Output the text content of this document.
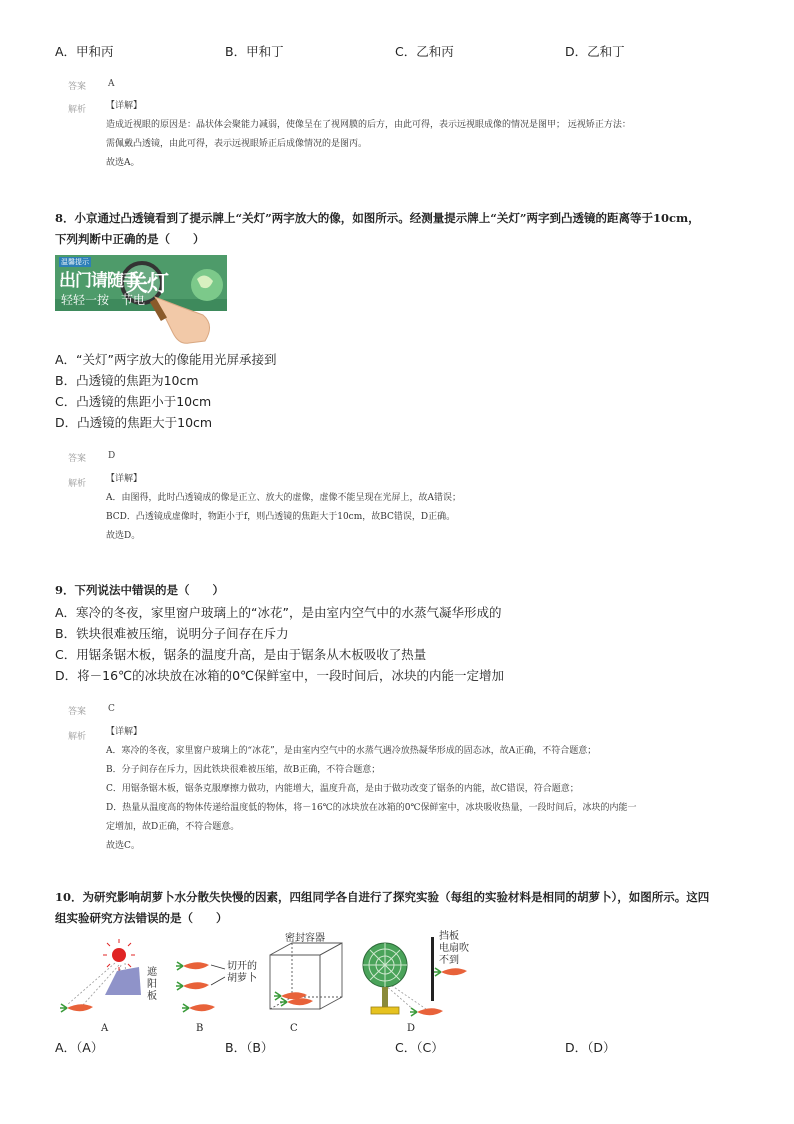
A．甲和丙	B．甲和丁	C．乙和丙	D．乙和丁
答案 A
解析 【详解】
造成近视眼的原因是：晶状体会聚能力减弱，使像呈在了视网膜的后方，由此可得，表示远视眼成像的情况是图甲； 远视矫正方法：
需佩戴凸透镜，由此可得，表示远视眼矫正后成像情况的是图丙。
故选A。
8．小京通过凸透镜看到了提示牌上“关灯”两字放大的像，如图所示。经测量提示牌上“关灯”两字到凸透镜的距离等于10cm，
下列判断中正确的是（　　）
温馨提示
出门请随手
关灯
轻轻一按　节电
A．“关灯”两字放大的像能用光屏承接到
B．凸透镜的焦距为10cm
C．凸透镜的焦距小于10cm
D．凸透镜的焦距大于10cm
答案 D
解析 【详解】
A．由图得，此时凸透镜成的像是正立、放大的虚像，虚像不能呈现在光屏上，故A错误；
BCD．凸透镜成虚像时，物距小于f，则凸透镜的焦距大于10cm，故BC错误，D正确。
故选D。
9．下列说法中错误的是（　　）
A．寒冷的冬夜，家里窗户玻璃上的“冰花”，是由室内空气中的水蒸气凝华形成的
B．铁块很难被压缩，说明分子间存在斥力
C．用锯条锯木板，锯条的温度升高，是由于锯条从木板吸收了热量
D．将－16℃的冰块放在冰箱的0℃保鲜室中，一段时间后，冰块的内能一定增加
答案 C
解析 【详解】
A．寒冷的冬夜，家里窗户玻璃上的“冰花”，是由室内空气中的水蒸气遇冷放热凝华形成的固态冰，故A正确，不符合题意；
B．分子间存在斥力，因此铁块很难被压缩，故B正确，不符合题意；
C．用锯条锯木板，锯条克服摩擦力做功，内能增大，温度升高，是由于做功改变了锯条的内能，故C错误，符合题意；
D．热量从温度高的物体传递给温度低的物体，将－16℃的冰块放在冰箱的0℃保鲜室中，冰块吸收热量，一段时间后，冰块的内能一
定增加，故D正确，不符合题意。
故选C。
10．为研究影响胡萝卜水分散失快慢的因素，四组同学各自进行了探究实验（每组的实验材料是相同的胡萝卜），如图所示。这四
组实验研究方法错误的是（　　）
遮
阳
板
切开的
胡萝卜
密封容器	挡板
电扇吹不到
A	B	C	D
A．（A）	B．（B）	C．（C）	D．（D）
